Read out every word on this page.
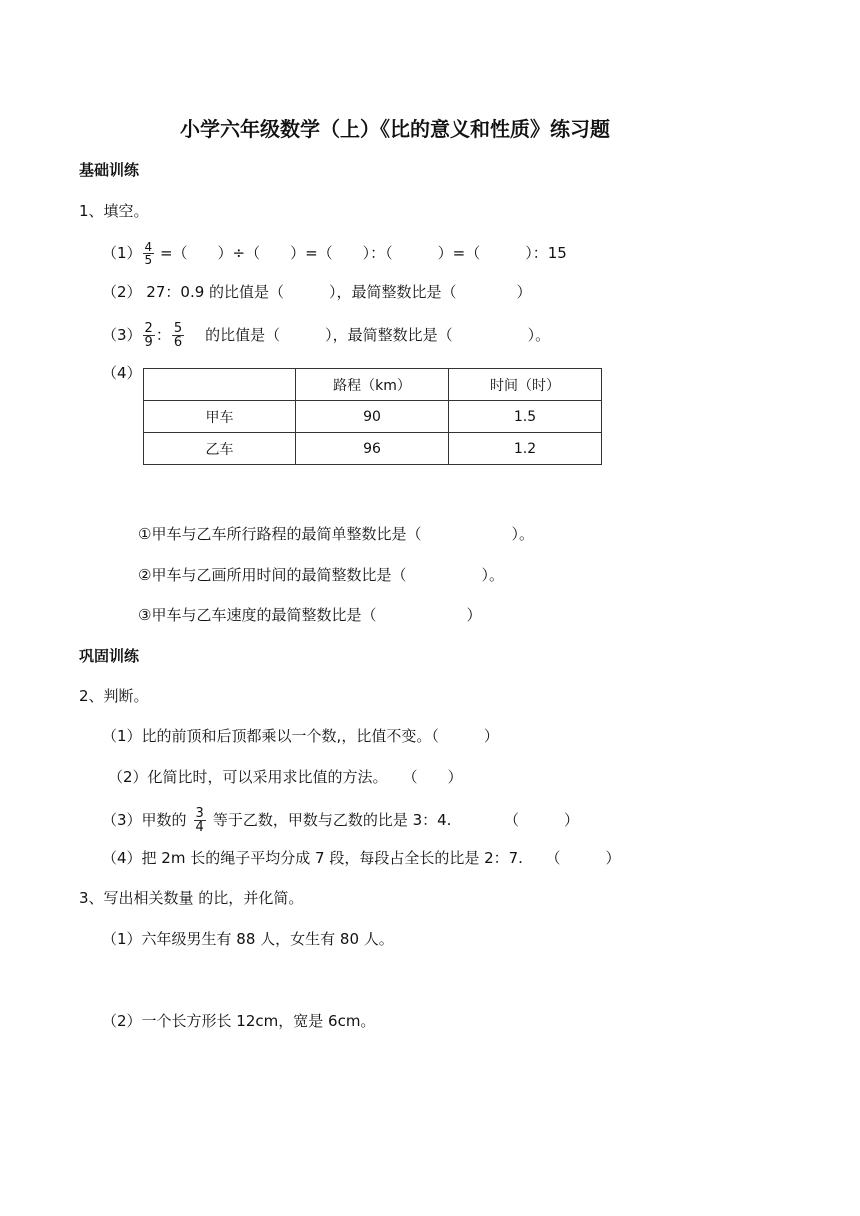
小学六年级数学（上）《比的意义和性质》练习题
基础训练
1、填空。
$(1) \frac{4}{5}$ =（　　）÷（　　）=（　　）：（　　　）=（　　　）：15
（2） 27：0.9 的比值是（　　　），最简整数比是（　　　　）
$(3) \frac{2}{9}$ ： $\frac{5}{6}$ 的比值是（　　　），最简整数比是（　　　　　）。
（4）
	路程（km）	时间（时）
甲车	90	1.5
乙车	96	1.2
①甲车与乙车所行路程的最简单整数比是（　　　　　　）。
②甲车与乙画所用时间的最简整数比是（　　　　　）。
③甲车与乙车速度的最简整数比是（　　　　　　）
巩固训练
2、判断。
（1）比的前顶和后顶都乘以一个数,，比值不变。（　　　）
（2）化简比时，可以采用求比值的方法。　　（　　）
（3）甲数的 $\frac{3}{4}$ 等于乙数，甲数与乙数的比是 3：4.　　　　（　　　）
（4）把 2m 长的绳子平均分成 7 段，每段占全长的比是 2：7.　　（　　　）
3、写出相关数量 的比，并化简。
（1）六年级男生有 88 人，女生有 80 人。
（2）一个长方形长 12cm，宽是 6cm。
